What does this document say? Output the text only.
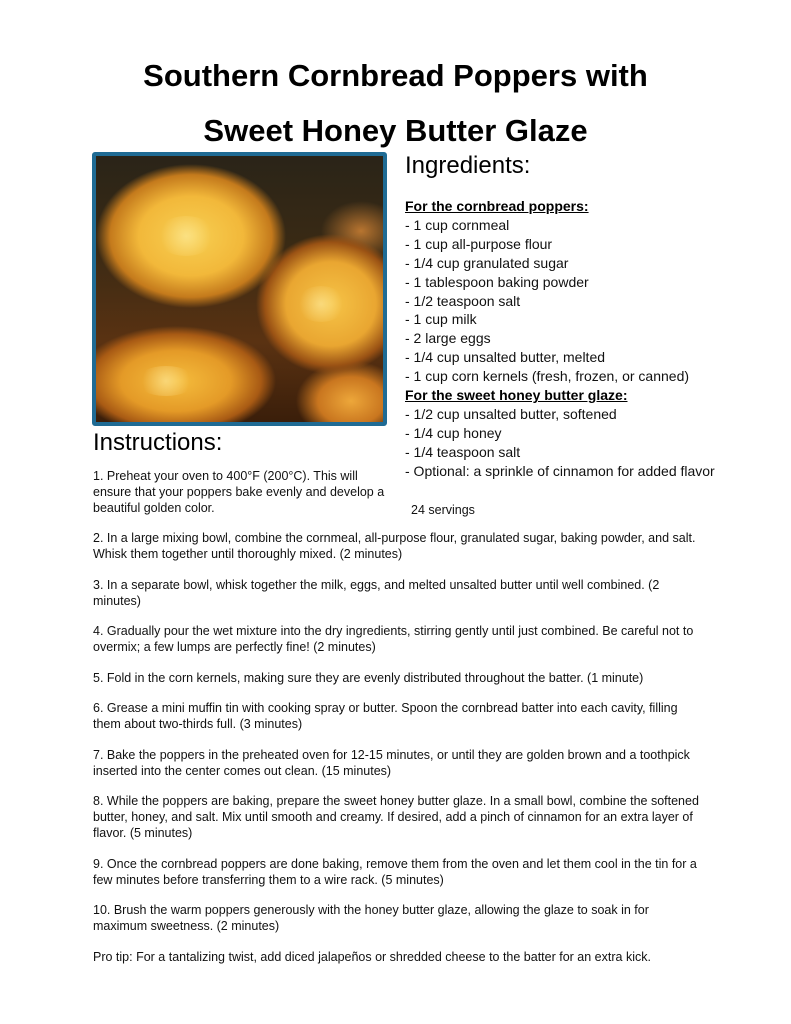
Southern Cornbread Poppers with
Sweet Honey Butter Glaze
Ingredients:
For the cornbread poppers:
- 1 cup cornmeal
- 1 cup all-purpose flour
- 1/4 cup granulated sugar
- 1 tablespoon baking powder
- 1/2 teaspoon salt
- 1 cup milk
- 2 large eggs
- 1/4 cup unsalted butter, melted
- 1 cup corn kernels (fresh, frozen, or canned)
For the sweet honey butter glaze:
- 1/2 cup unsalted butter, softened
- 1/4 cup honey
- 1/4 teaspoon salt
- Optional: a sprinkle of cinnamon for added flavor
24 servings
Instructions:
1. Preheat your oven to 400°F (200°C). This will ensure that your poppers bake evenly and develop a beautiful golden color.

2. In a large mixing bowl, combine the cornmeal, all-purpose flour, granulated sugar, baking powder, and salt. Whisk them together until thoroughly mixed. (2 minutes)

3. In a separate bowl, whisk together the milk, eggs, and melted unsalted butter until well combined. (2 minutes)

4. Gradually pour the wet mixture into the dry ingredients, stirring gently until just combined. Be careful not to overmix; a few lumps are perfectly fine! (2 minutes)

5. Fold in the corn kernels, making sure they are evenly distributed throughout the batter. (1 minute)

6. Grease a mini muffin tin with cooking spray or butter. Spoon the cornbread batter into each cavity, filling them about two-thirds full. (3 minutes)

7. Bake the poppers in the preheated oven for 12-15 minutes, or until they are golden brown and a toothpick inserted into the center comes out clean. (15 minutes)

8. While the poppers are baking, prepare the sweet honey butter glaze. In a small bowl, combine the softened butter, honey, and salt. Mix until smooth and creamy. If desired, add a pinch of cinnamon for an extra layer of flavor. (5 minutes)

9. Once the cornbread poppers are done baking, remove them from the oven and let them cool in the tin for a few minutes before transferring them to a wire rack. (5 minutes)

10. Brush the warm poppers generously with the honey butter glaze, allowing the glaze to soak in for maximum sweetness. (2 minutes)

Pro tip: For a tantalizing twist, add diced jalapeños or shredded cheese to the batter for an extra kick.
